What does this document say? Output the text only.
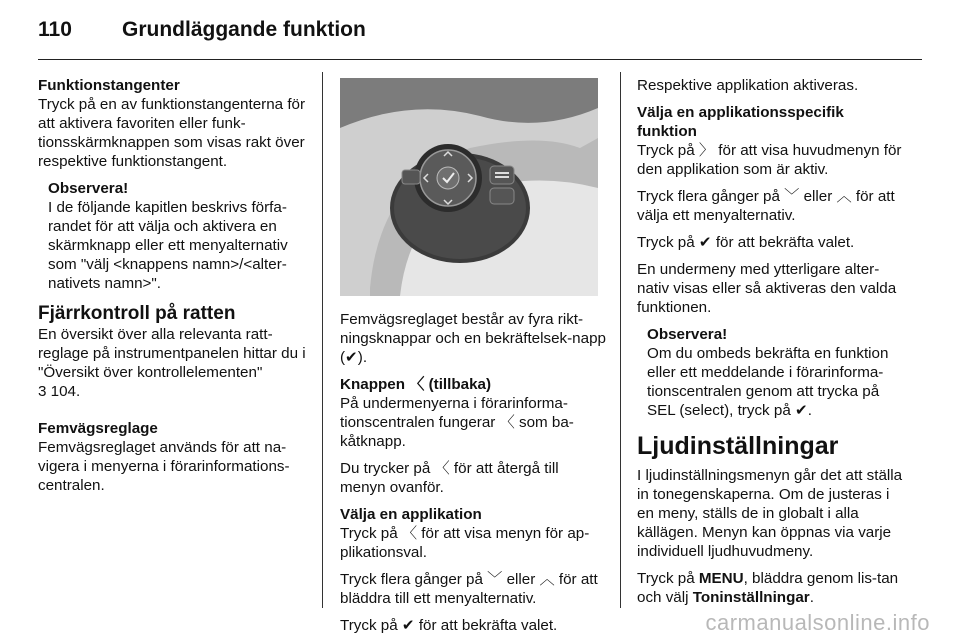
110	Grundläggande funktion

Funktionstangenter
Tryck på en av funktionstangenterna för att aktivera favoriten eller funk-tionsskärmknappen som visas rakt över respektive funktionstangent.

Observera!
I de följande kapitlen beskrivs förfa-randet för att välja och aktivera en skärmknapp eller ett menyalternativ som "välj <knappens namn>/<alter-nativets namn>".
Fjärrkontroll på ratten

En översikt över alla relevanta ratt-reglage på instrumentpanelen hittar du i "Översikt över kontrollelementen"
3 104.

Femvägsreglage
Femvägsreglaget används för att na-vigera i menyerna i förarinformations-centralen.

Femvägsreglaget består av fyra rikt-ningsknappar och en bekräftelsek-napp (✔).

Knappen 〈 (tillbaka)
På undermenyerna i förarinforma-tionscentralen fungerar 〈 som ba-kåtknapp.

Du trycker på 〈 för att återgå till menyn ovanför.

Välja en applikation
Tryck på 〈 för att visa menyn för ap-plikationsval.

Tryck flera gånger på ﹀ eller ︿ för att bläddra till ett menyalternativ.

Tryck på ✔ för att bekräfta valet.

Respektive applikation aktiveras.

Välja en applikationsspecifik funktion
Tryck på 〉 för att visa huvudmenyn för den applikation som är aktiv.

Tryck flera gånger på ﹀ eller ︿ för att välja ett menyalternativ.

Tryck på ✔ för att bekräfta valet.

En undermeny med ytterligare alter-nativ visas eller så aktiveras den valda funktionen.

Observera!
Om du ombeds bekräfta en funktion eller ett meddelande i förarinforma-tionscentralen genom att trycka på SEL (select), tryck på ✔.
Ljudinställningar

I ljudinställningsmenyn går det att ställa in tonegenskaperna. Om de justeras i en meny, ställs de in globalt i alla källägen. Menyn kan öppnas via varje individuell ljudhuvudmeny.

Tryck på MENU, bläddra genom lis-tan och välj Toninställningar.

carmanualsonline.info
